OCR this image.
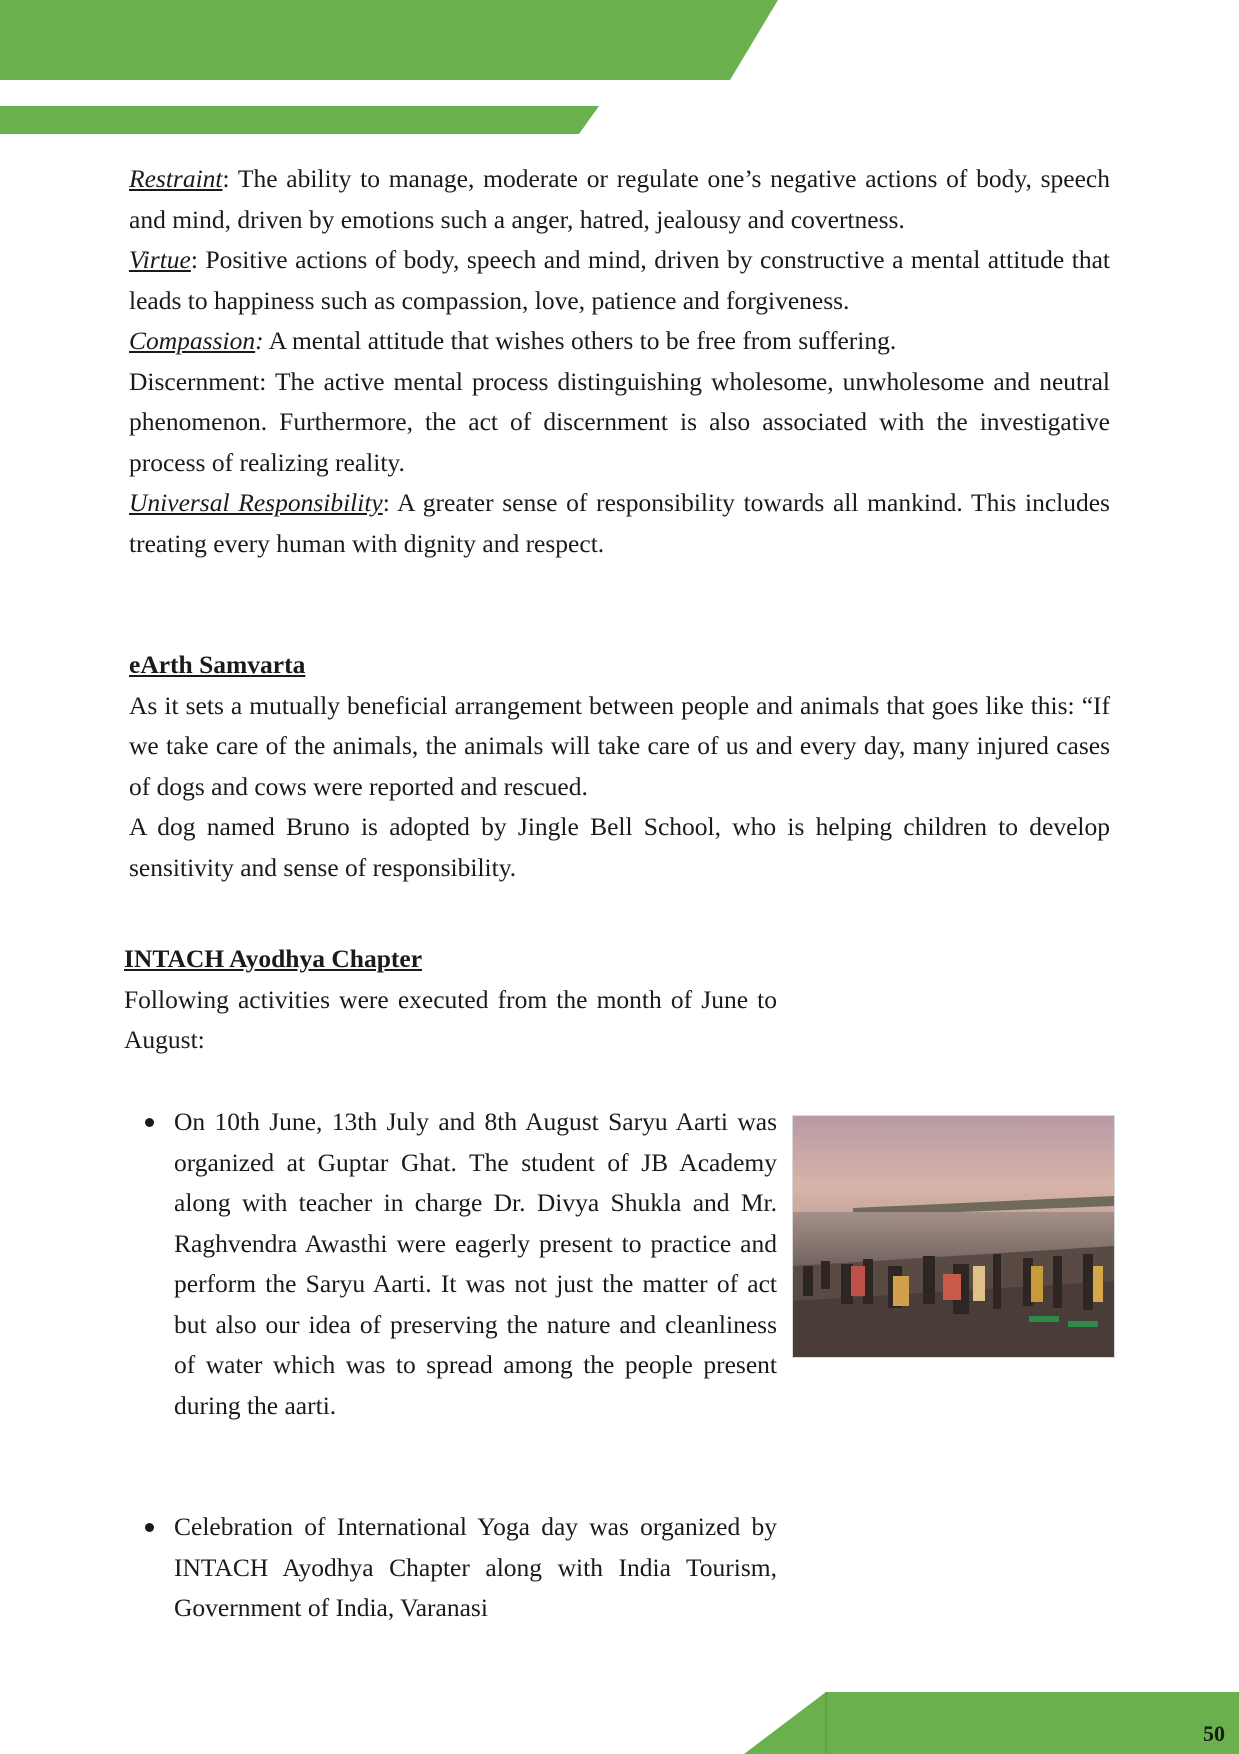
Restraint: The ability to manage, moderate or regulate one’s negative actions of body, speech and mind, driven by emotions such a anger, hatred, jealousy and covertness.

Virtue: Positive actions of body, speech and mind, driven by constructive a mental attitude that leads to happiness such as compassion, love, patience and forgiveness.

Compassion: A mental attitude that wishes others to be free from suffering.

Discernment: The active mental process distinguishing wholesome, unwholesome and neutral phenomenon. Furthermore, the act of discernment is also associated with the investigative process of realizing reality.

Universal Responsibility: A greater sense of responsibility towards all mankind. This includes treating every human with dignity and respect.

eArth Samvarta

As it sets a mutually beneficial arrangement between people and animals that goes like this: “If we take care of the animals, the animals will take care of us and every day, many injured cases of dogs and cows were reported and rescued.

A dog named Bruno is adopted by Jingle Bell School, who is helping children to develop sensitivity and sense of responsibility.

INTACH Ayodhya Chapter

Following activities were executed from the month of June to August:

On 10th June, 13th July and 8th August Saryu Aarti was organized at Guptar Ghat. The student of JB Academy along with teacher in charge Dr. Divya Shukla and Mr. Raghvendra Awasthi were eagerly present to practice and perform the Saryu Aarti. It was not just the matter of act but also our idea of preserving the nature and cleanliness of water which was to spread among the people present during the aarti.
Celebration of International Yoga day was organized by INTACH Ayodhya Chapter along with India Tourism, Government of India, Varanasi
50
